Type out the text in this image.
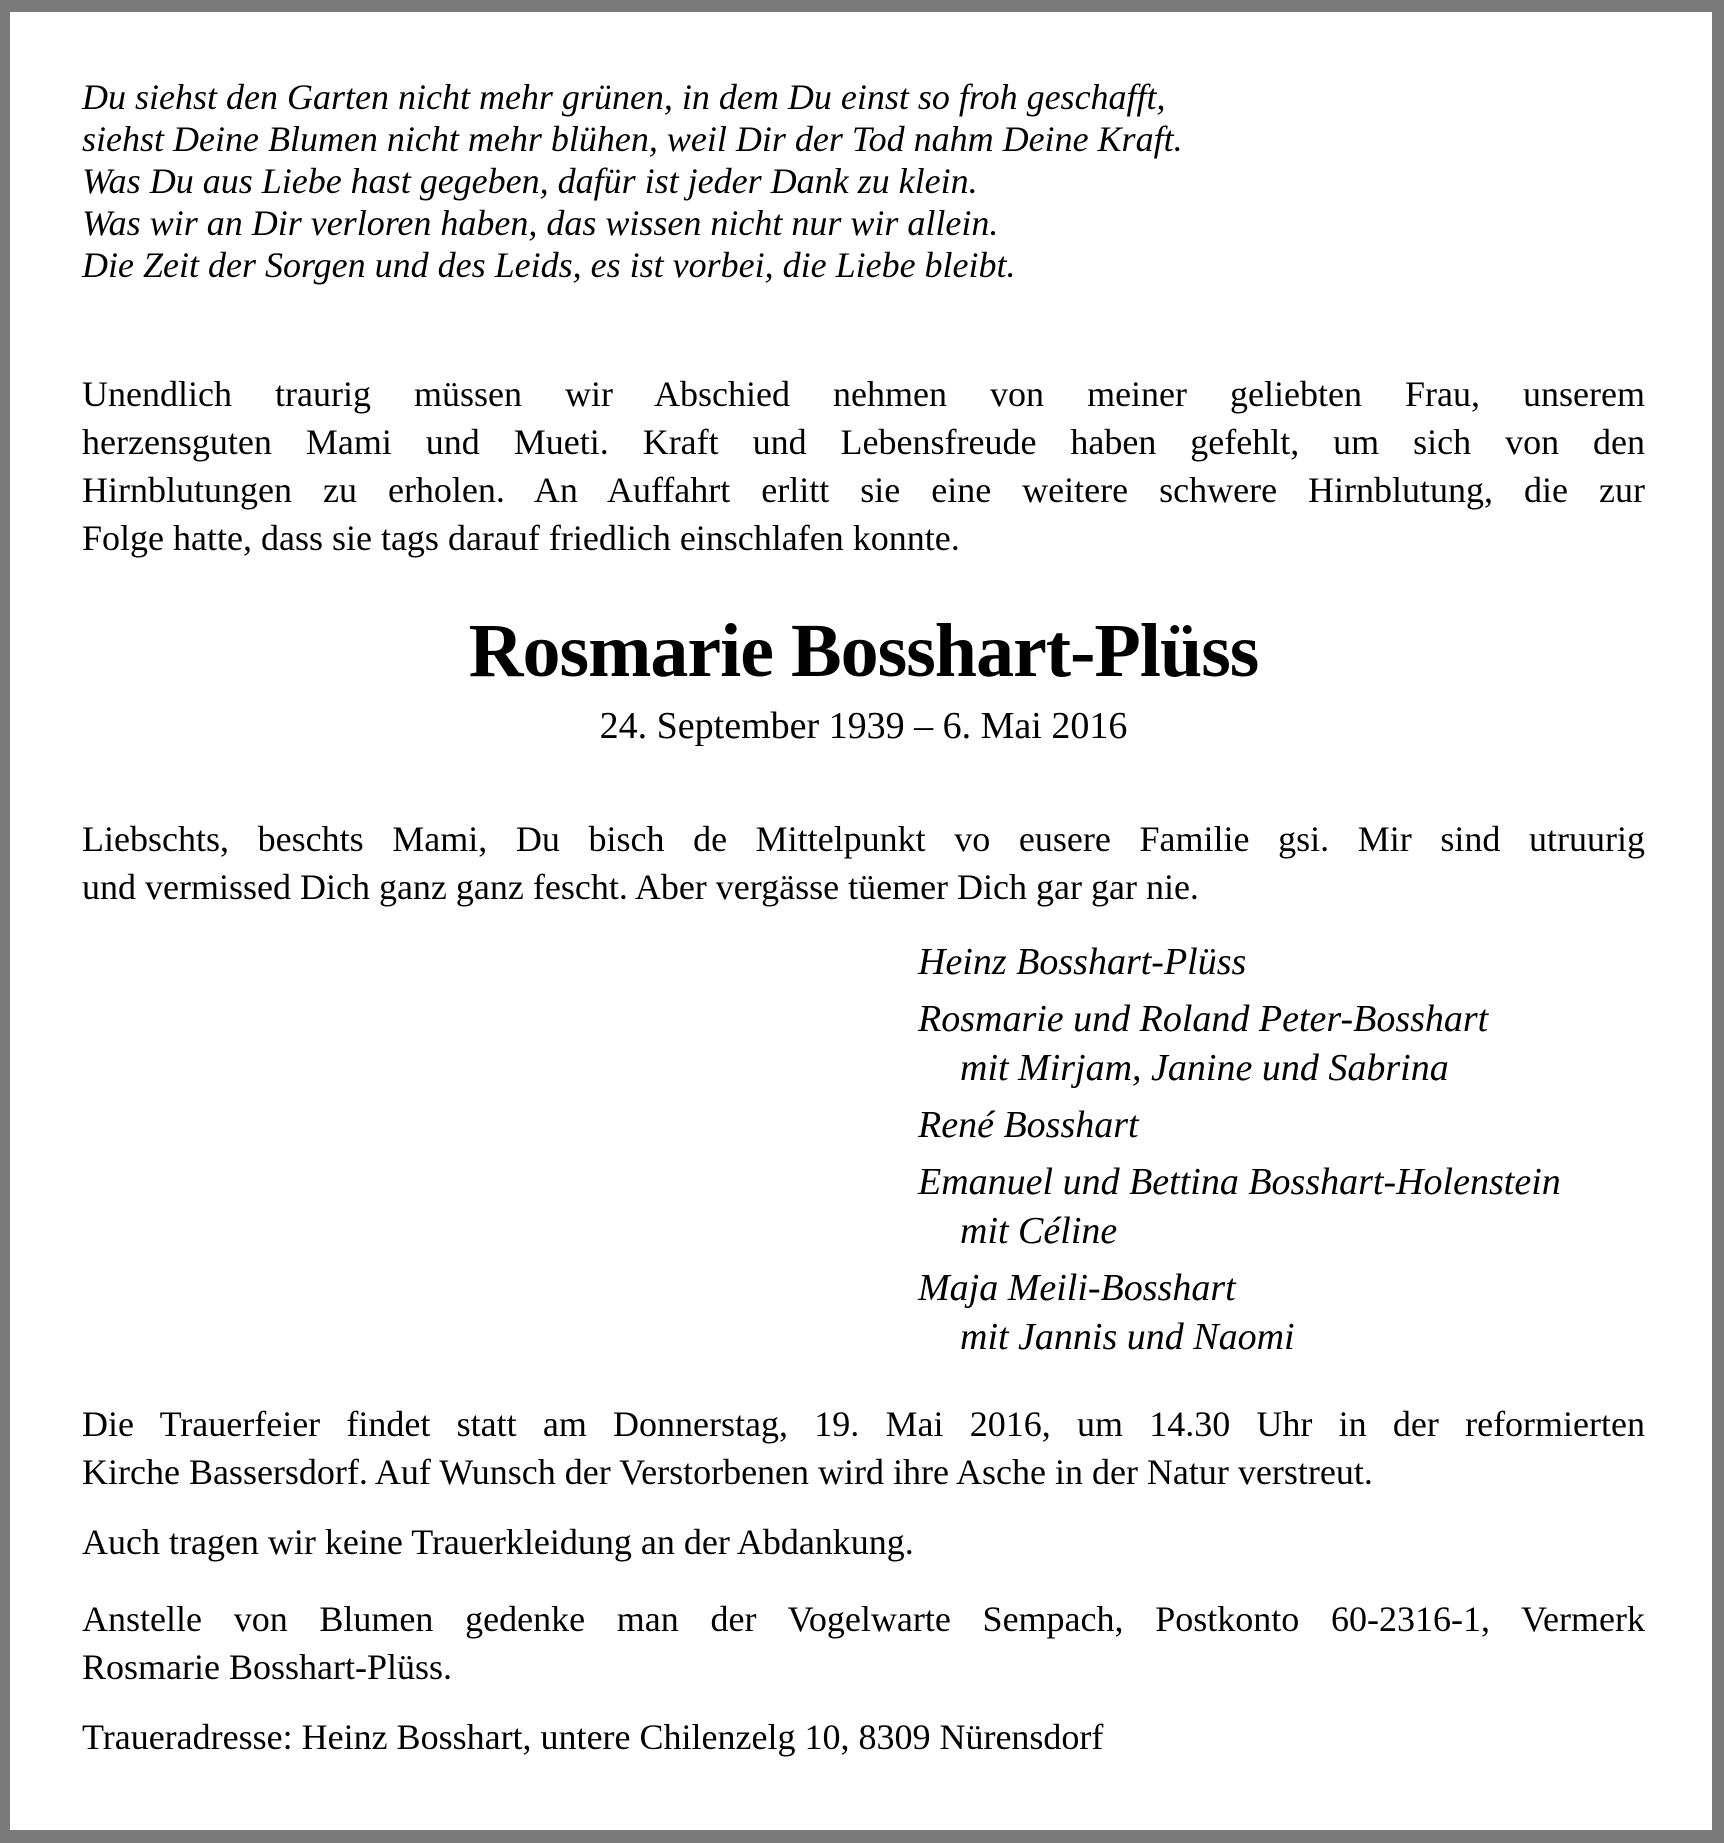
Du siehst den Garten nicht mehr grünen, in dem Du einst so froh geschafft,
siehst Deine Blumen nicht mehr blühen, weil Dir der Tod nahm Deine Kraft.
Was Du aus Liebe hast gegeben, dafür ist jeder Dank zu klein.
Was wir an Dir verloren haben, das wissen nicht nur wir allein.
Die Zeit der Sorgen und des Leids, es ist vorbei, die Liebe bleibt.
Unendlich traurig müssen wir Abschied nehmen von meiner geliebten Frau, unserem
herzensguten Mami und Mueti. Kraft und Lebensfreude haben gefehlt, um sich von den
Hirnblutungen zu erholen. An Auffahrt erlitt sie eine weitere schwere Hirnblutung, die zur
Folge hatte, dass sie tags darauf friedlich einschlafen konnte.
Rosmarie Bosshart-Plüss
24. September 1939 – 6. Mai 2016
Liebschts, beschts Mami, Du bisch de Mittelpunkt vo eusere Familie gsi. Mir sind utruurig
und vermissed Dich ganz ganz fescht. Aber vergässe tüemer Dich gar gar nie.
Heinz Bosshart-Plüss
Rosmarie und Roland Peter-Bosshart
mit Mirjam, Janine und Sabrina
René Bosshart
Emanuel und Bettina Bosshart-Holenstein
mit Céline
Maja Meili-Bosshart
mit Jannis und Naomi
Die Trauerfeier findet statt am Donnerstag, 19. Mai 2016, um 14.30 Uhr in der reformierten
Kirche Bassersdorf. Auf Wunsch der Verstorbenen wird ihre Asche in der Natur verstreut.
Auch tragen wir keine Trauerkleidung an der Abdankung.
Anstelle von Blumen gedenke man der Vogelwarte Sempach, Postkonto 60-2316-1, Vermerk
Rosmarie Bosshart-Plüss.
Traueradresse: Heinz Bosshart, untere Chilenzelg 10, 8309 Nürensdorf
